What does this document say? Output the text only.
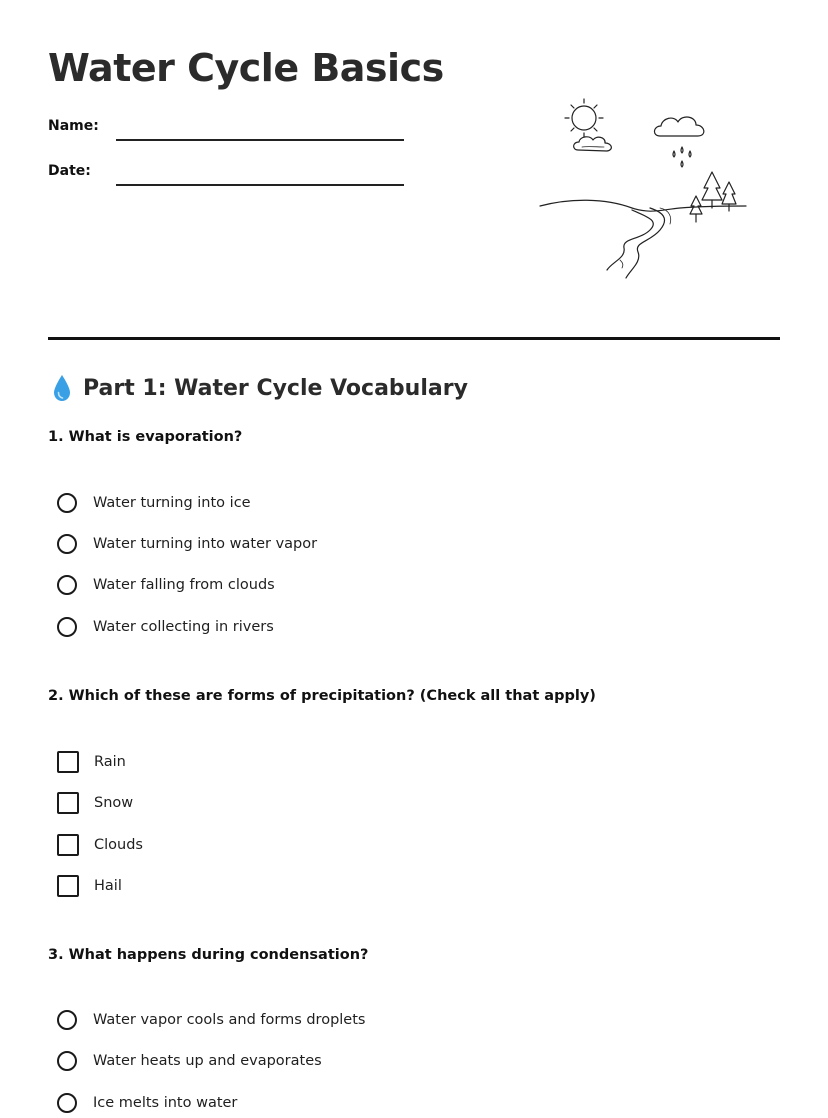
Water Cycle Basics
Name:
Date:
Part 1: Water Cycle Vocabulary
1. What is evaporation?
Water turning into ice
Water turning into water vapor
Water falling from clouds
Water collecting in rivers
2. Which of these are forms of precipitation? (Check all that apply)
Rain
Snow
Clouds
Hail
3. What happens during condensation?
Water vapor cools and forms droplets
Water heats up and evaporates
Ice melts into water
